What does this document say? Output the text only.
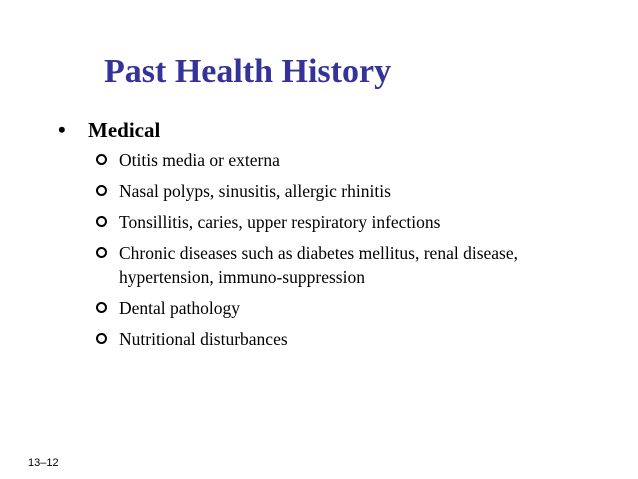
Past Health History
• Medical
Otitis media or externa
Nasal polyps, sinusitis, allergic rhinitis
Tonsillitis, caries, upper respiratory infections
Chronic diseases such as diabetes mellitus, renal disease, hypertension, immuno-suppression
Dental pathology
Nutritional disturbances
13–12
